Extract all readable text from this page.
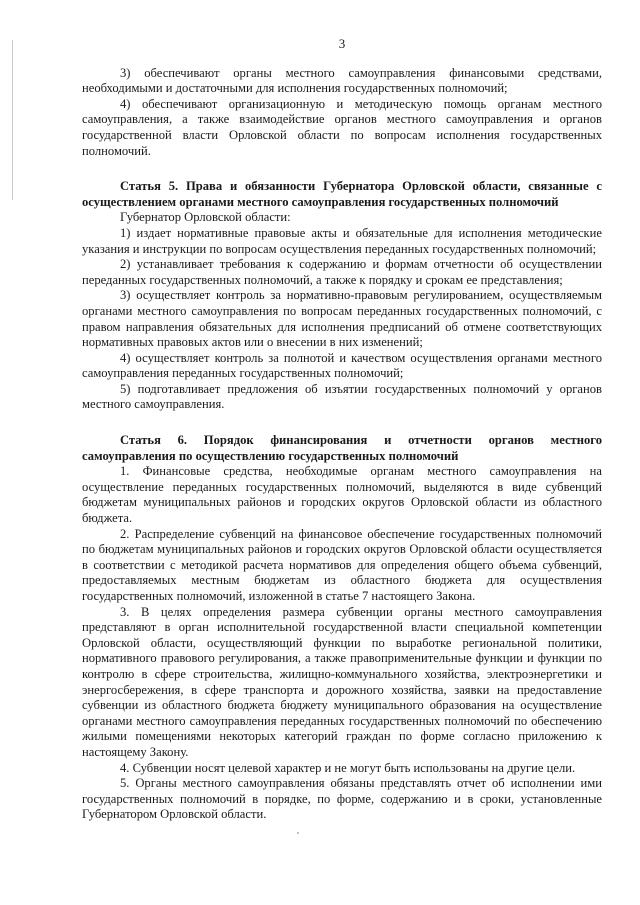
3

3) обеспечивают органы местного самоуправления финансовыми средствами, необходимыми и достаточными для исполнения государственных полномочий;

4) обеспечивают организационную и методическую помощь органам местного самоуправления, а также взаимодействие органов местного самоуправления и органов государственной власти Орловской области по вопросам исполнения государственных полномочий.

Статья 5. Права и обязанности Губернатора Орловской области, связанные с осуществлением органами местного самоуправления государственных полномочий

Губернатор Орловской области:

1) издает нормативные правовые акты и обязательные для исполнения методические указания и инструкции по вопросам осуществления переданных государственных полномочий;

2) устанавливает требования к содержанию и формам отчетности об осуществлении переданных государственных полномочий, а также к порядку и срокам ее представления;

3) осуществляет контроль за нормативно-правовым регулированием, осуществляемым органами местного самоуправления по вопросам переданных государственных полномочий, с правом направления обязательных для исполнения предписаний об отмене соответствующих нормативных правовых актов или о внесении в них изменений;

4) осуществляет контроль за полнотой и качеством осуществления органами местного самоуправления переданных государственных полномочий;

5) подготавливает предложения об изъятии государственных полномочий у органов местного самоуправления.

Статья 6. Порядок финансирования и отчетности органов местного самоуправления по осуществлению государственных полномочий

1. Финансовые средства, необходимые органам местного самоуправления на осуществление переданных государственных полномочий, выделяются в виде субвенций бюджетам муниципальных районов и городских округов Орловской области из областного бюджета.

2. Распределение субвенций на финансовое обеспечение государственных полномочий по бюджетам муниципальных районов и городских округов Орловской области осуществляется в соответствии с методикой расчета нормативов для определения общего объема субвенций, предоставляемых местным бюджетам из областного бюджета для осуществления государственных полномочий, изложенной в статье 7 настоящего Закона.

3. В целях определения размера субвенции органы местного самоуправления представляют в орган исполнительной государственной власти специальной компетенции Орловской области, осуществляющий функции по выработке региональной политики, нормативного правового регулирования, а также правоприменительные функции и функции по контролю в сфере строительства, жилищно-коммунального хозяйства, электроэнергетики и энергосбережения, в сфере транспорта и дорожного хозяйства, заявки на предоставление субвенции из областного бюджета бюджету муниципального образования на осуществление органами местного самоуправления переданных государственных полномочий по обеспечению жилыми помещениями некоторых категорий граждан по форме согласно приложению к настоящему Закону.

4. Субвенции носят целевой характер и не могут быть использованы на другие цели.

5. Органы местного самоуправления обязаны представлять отчет об исполнении ими государственных полномочий в порядке, по форме, содержанию и в сроки, установленные Губернатором Орловской области.
